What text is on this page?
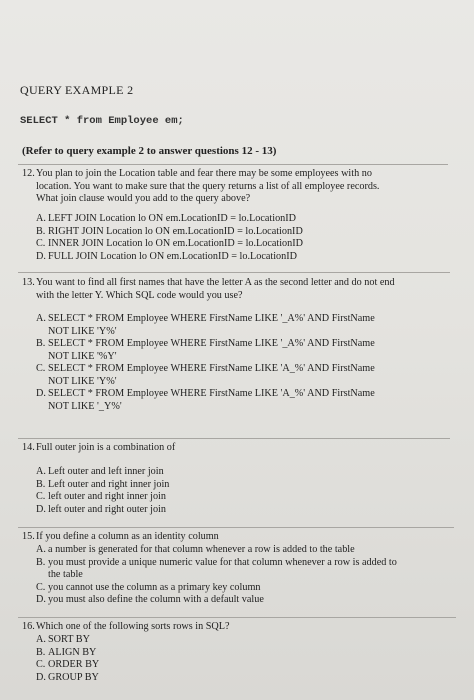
QUERY EXAMPLE 2
SELECT * from Employee em;
(Refer to query example 2 to answer questions 12 - 13)
12.You plan to join the Location table and fear there may be some employees with no
location. You want to make sure that the query returns a list of all employee records.
What join clause would you add to the query above?
A. LEFT JOIN Location lo ON em.LocationID = lo.LocationID
B. RIGHT JOIN Location lo ON em.LocationID = lo.LocationID
C. INNER JOIN Location lo ON em.LocationID = lo.LocationID
D. FULL JOIN Location lo ON em.LocationID = lo.LocationID
13.You want to find all first names that have the letter A as the second letter and do not end
with the letter Y. Which SQL code would you use?
A. SELECT * FROM Employee WHERE FirstName LIKE '_A%' AND FirstName
NOT LIKE 'Y%'
B. SELECT * FROM Employee WHERE FirstName LIKE '_A%' AND FirstName
NOT LIKE '%Y'
C. SELECT * FROM Employee WHERE FirstName LIKE 'A_%' AND FirstName
NOT LIKE 'Y%'
D. SELECT * FROM Employee WHERE FirstName LIKE 'A_%' AND FirstName
NOT LIKE '_Y%'
14.Full outer join is a combination of
A. Left outer and left inner join
B. Left outer and right inner join
C. left outer and right inner join
D. left outer and right outer join
15.If you define a column as an identity column
A. a number is generated for that column whenever a row is added to the table
B. you must provide a unique numeric value for that column whenever a row is added to
the table
C. you cannot use the column as a primary key column
D. you must also define the column with a default value
16.Which one of the following sorts rows in SQL?
A. SORT BY
B. ALIGN BY
C. ORDER BY
D. GROUP BY
